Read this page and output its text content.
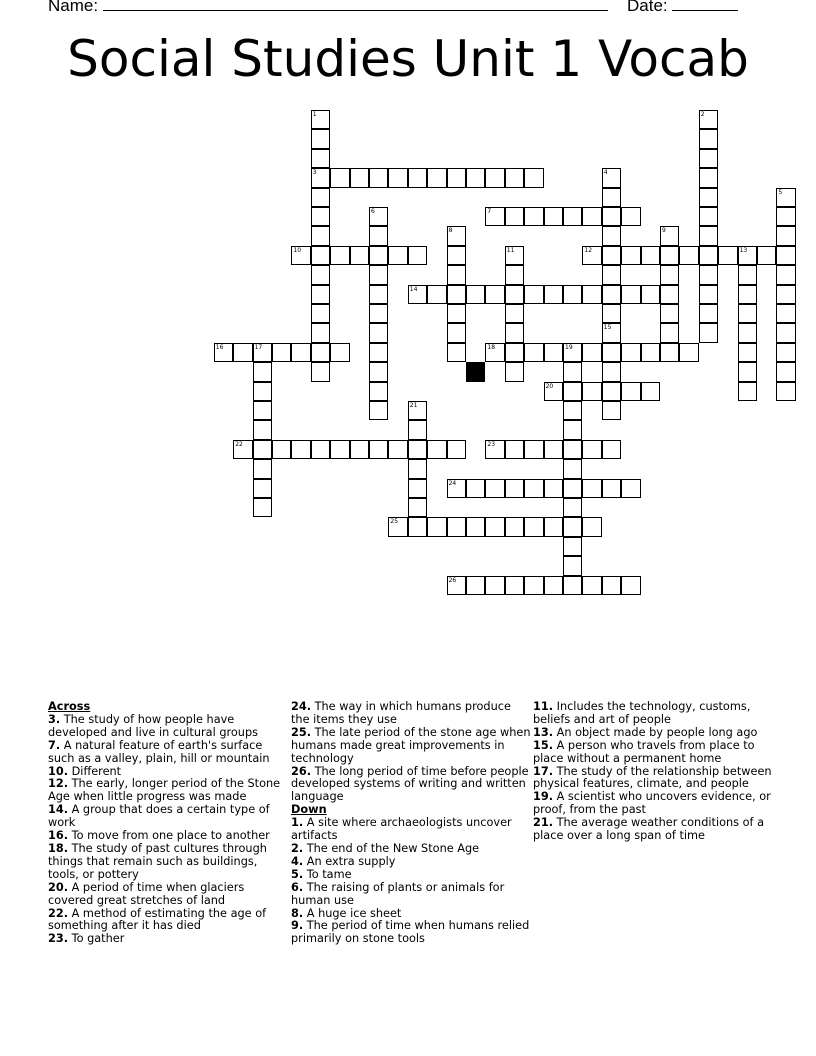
Name:	Date:
Social Studies Unit 1 Vocab
1
3
2
4
15
5
6	7
8	9
10	11	12	13
14
16	17	18	19
20
21
22	23
24
25
26
Across
3. The study of how people have developed and live in cultural groups
7. A natural feature of earth's surface such as a valley, plain, hill or mountain
10. Different
12. The early, longer period of the Stone Age when little progress was made
14. A group that does a certain type of work
16. To move from one place to another
18. The study of past cultures through things that remain such as buildings, tools, or pottery
20. A period of time when glaciers covered great stretches of land
22. A method of estimating the age of something after it has died
23. To gather
24. The way in which humans produce the items they use
25. The late period of the stone age when humans made great improvements in technology
26. The long period of time before people developed systems of writing and written language
Down
1. A site where archaeologists uncover artifacts
2. The end of the New Stone Age
4. An extra supply
5. To tame
6. The raising of plants or animals for human use
8. A huge ice sheet
9. The period of time when humans relied primarily on stone tools
11. Includes the technology, customs, beliefs and art of people
13. An object made by people long ago
15. A person who travels from place to place without a permanent home
17. The study of the relationship between physical features, climate, and people
19. A scientist who uncovers evidence, or proof, from the past
21. The average weather conditions of a place over a long span of time
